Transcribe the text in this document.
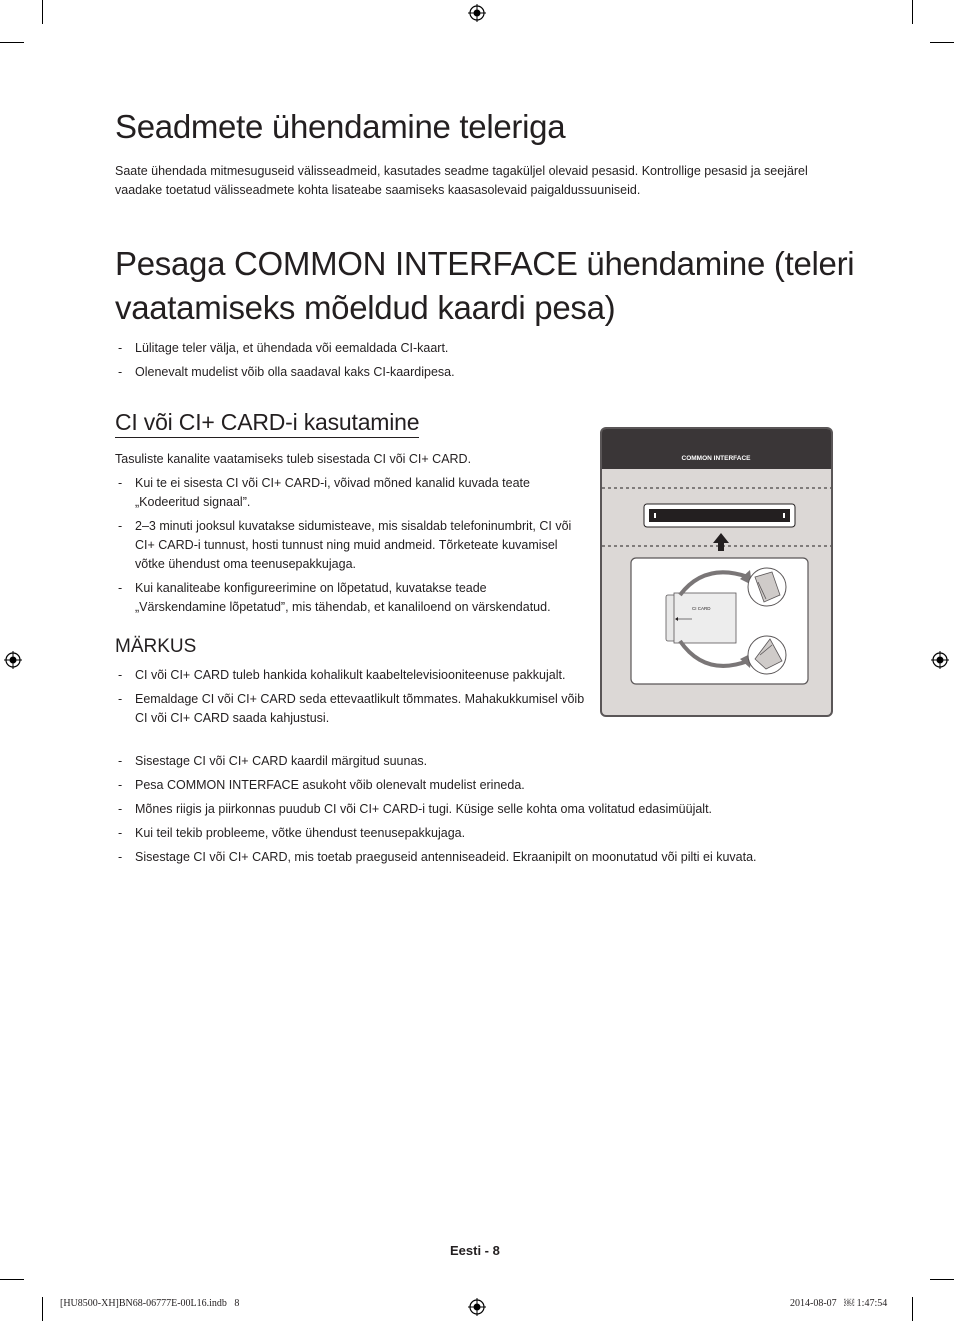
Seadmete ühendamine teleriga

Saate ühendada mitmesuguseid välisseadmeid, kasutades seadme tagaküljel olevaid pesasid. Kontrollige pesasid ja seejärel vaadake toetatud välisseadmete kohta lisateabe saamiseks kaasasolevaid paigaldussuuniseid.

Pesaga COMMON INTERFACE ühendamine (teleri vaatamiseks mõeldud kaardi pesa)
- Lülitage teler välja, et ühendada või eemaldada CI-kaart.
- Olenevalt mudelist võib olla saadaval kaks CI-kaardipesa.
CI või CI+ CARD-i kasutamine

Tasuliste kanalite vaatamiseks tuleb sisestada CI või CI+ CARD.

- Kui te ei sisesta CI või CI+ CARD-i, võivad mõned kanalid kuvada teate „Kodeeritud signaal”.
- 2–3 minuti jooksul kuvatakse sidumisteave, mis sisaldab telefoninumbrit, CI või CI+ CARD-i tunnust, hosti tunnust ning muid andmeid. Tõrketeate kuvamisel võtke ühendust oma teenusepakkujaga.
- Kui kanaliteabe konfigureerimine on lõpetatud, kuvatakse teade „Värskendamine lõpetatud”, mis tähendab, et kanaliloend on värskendatud.
MÄRKUS
- CI või CI+ CARD tuleb hankida kohalikult kaabeltelevisiooniteenuse pakkujalt.
- Eemaldage CI või CI+ CARD seda ettevaatlikult tõmmates. Mahakukkumisel võib CI või CI+ CARD saada kahjustusi.
- Sisestage CI või CI+ CARD kaardil märgitud suunas.
- Pesa COMMON INTERFACE asukoht võib olenevalt mudelist erineda.
- Mõnes riigis ja piirkonnas puudub CI või CI+ CARD-i tugi. Küsige selle kohta oma volitatud edasimüüjalt.
- Kui teil tekib probleeme, võtke ühendust teenusepakkujaga.
- Sisestage CI või CI+ CARD, mis toetab praeguseid antenniseadeid. Ekraanipilt on moonutatud või pilti ei kuvata.
COMMON INTERFACE
CI CARD
Eesti - 8
[HU8500-XH]BN68-06777E-00L16.indb   8	2014-08-07   ￼ 1:47:54
